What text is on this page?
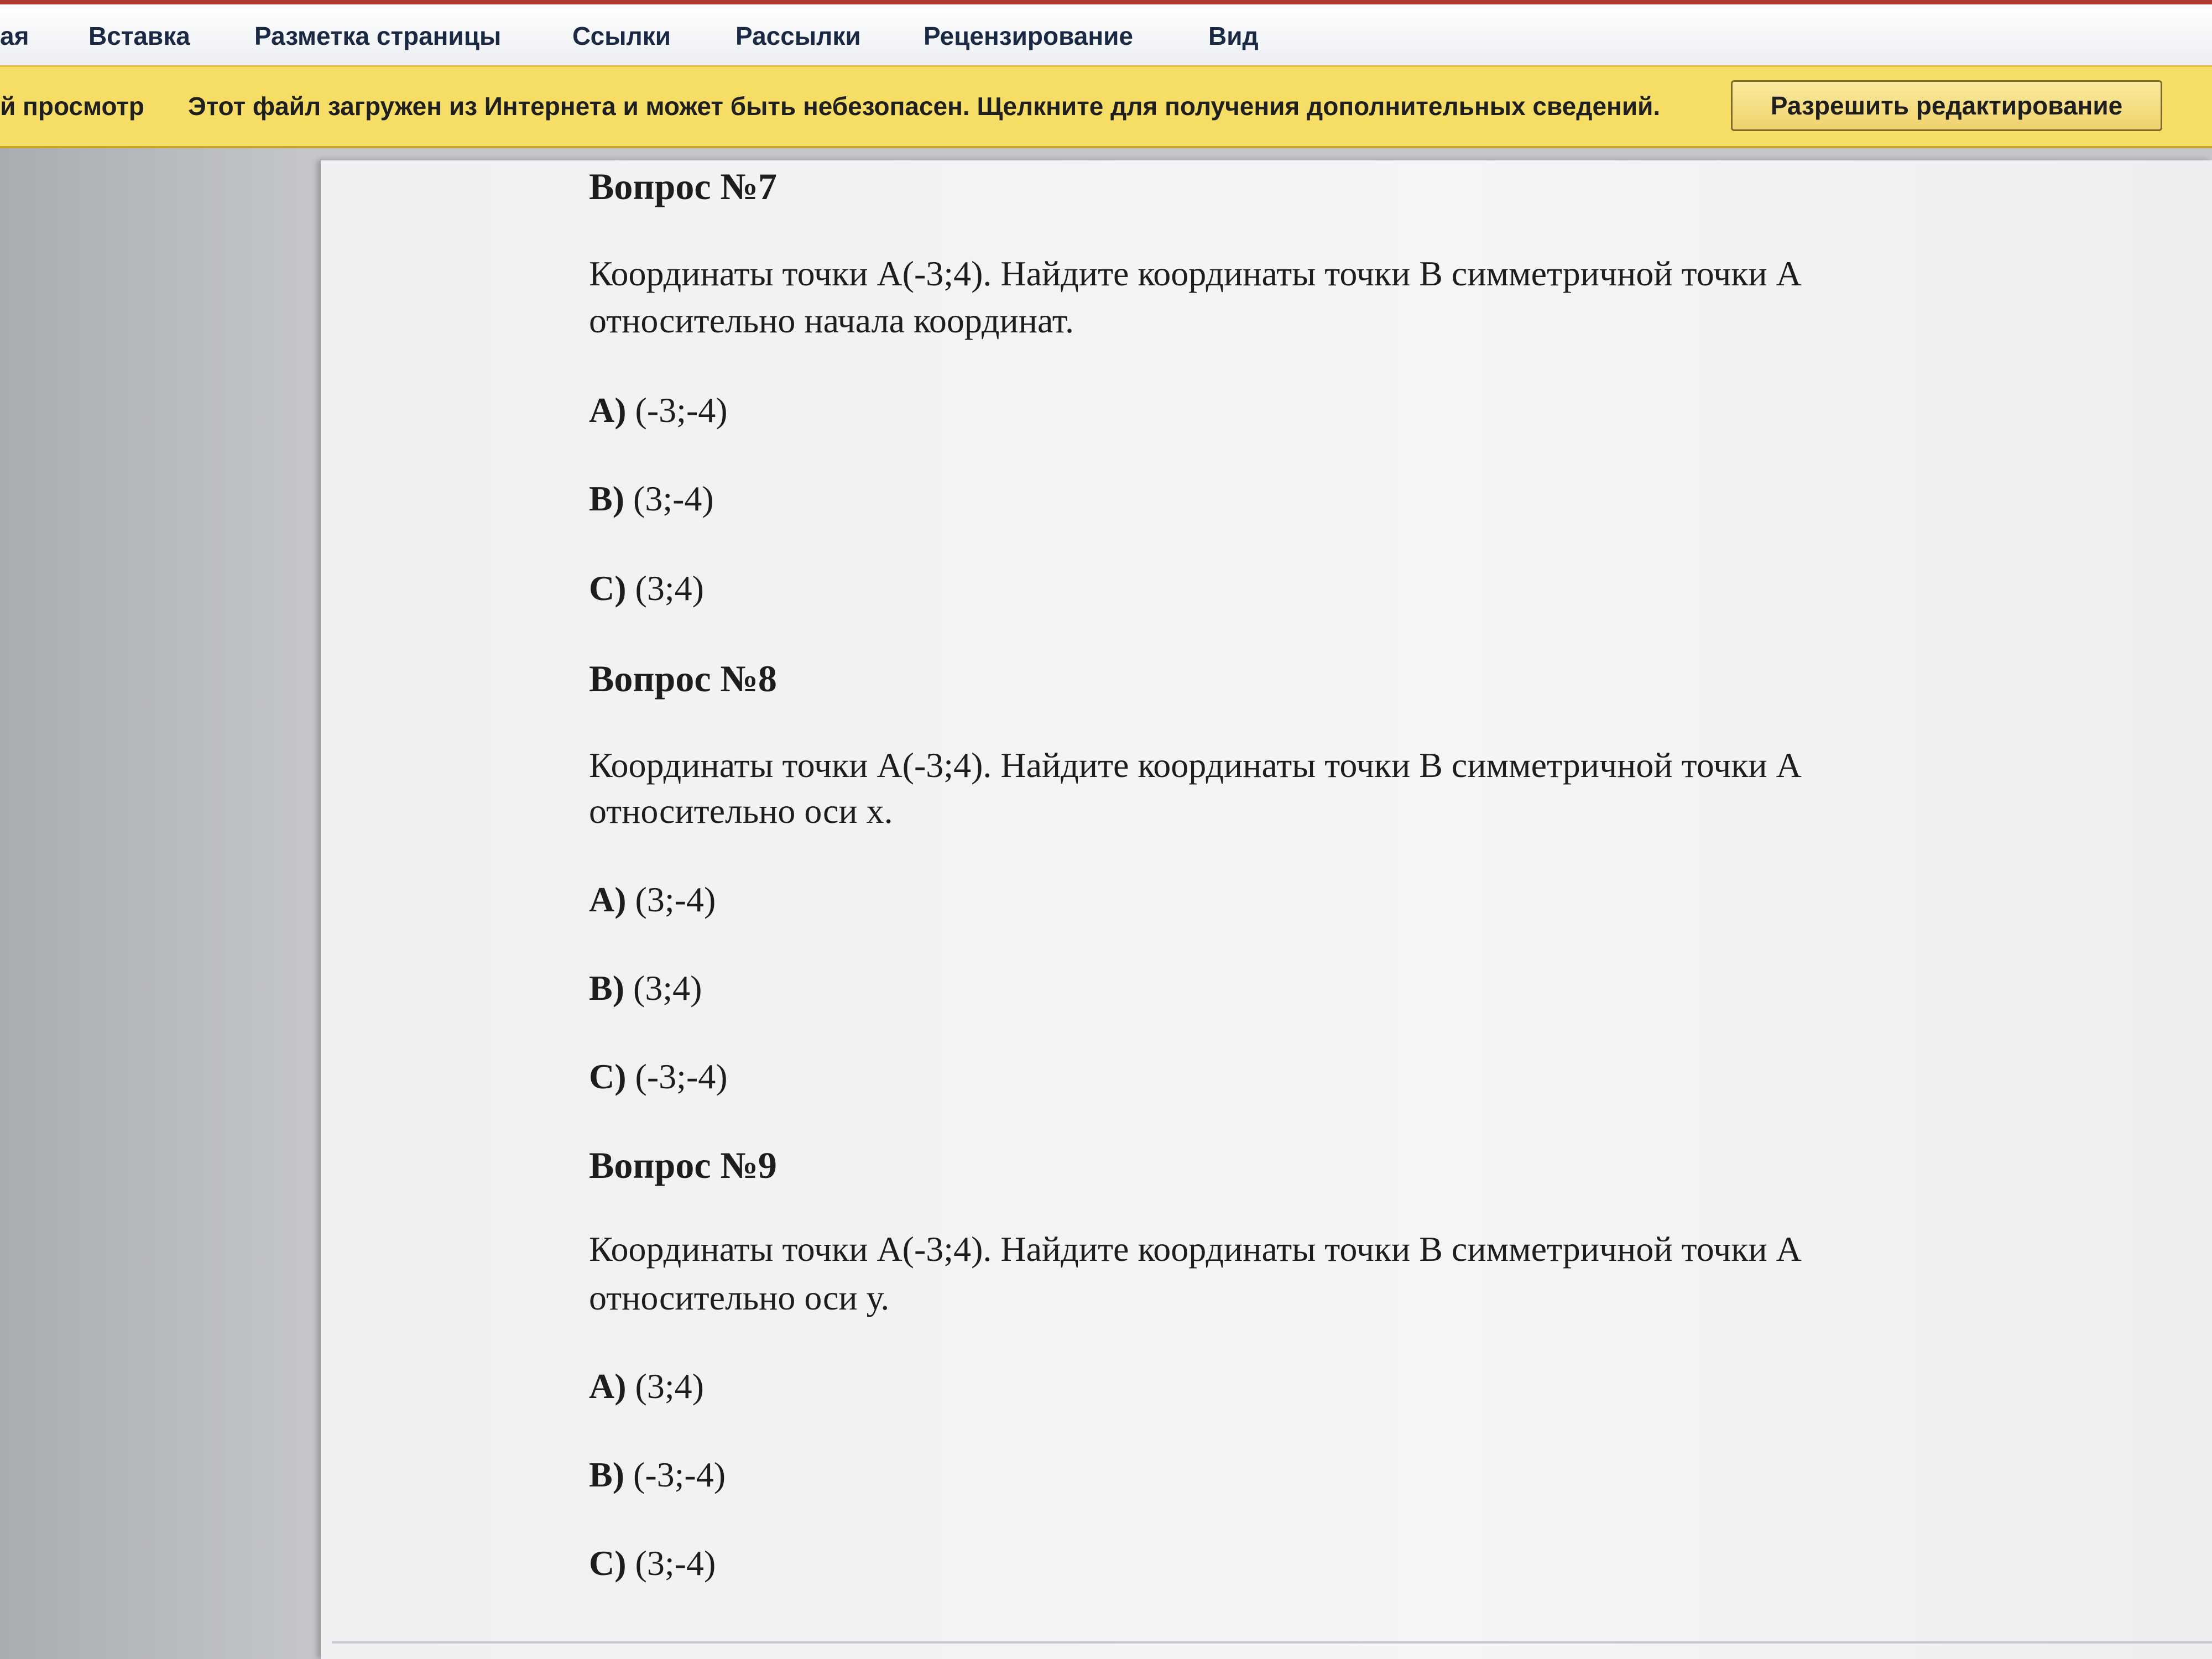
ая Вставка	Разметка страницы	Ссылки	Рассылки Рецензирование	Вид
й просмотр Этот файл загружен из Интернета и может быть небезопасен. Щелкните для получения дополнительных сведений.	Разрешить редактирование
Вопрос №7
Координаты точки А(-3;4). Найдите координаты точки В симметричной точки А
относительно начала координат.
А) (-3;-4)
В) (3;-4)
С) (3;4)
Вопрос №8
Координаты точки А(-3;4). Найдите координаты точки В симметричной точки А
относительно оси х.
А) (3;-4)
В) (3;4)
С) (-3;-4)
Вопрос №9
Координаты точки А(-3;4). Найдите координаты точки В симметричной точки А
относительно оси у.
А) (3;4)
В) (-3;-4)
С) (3;-4)
